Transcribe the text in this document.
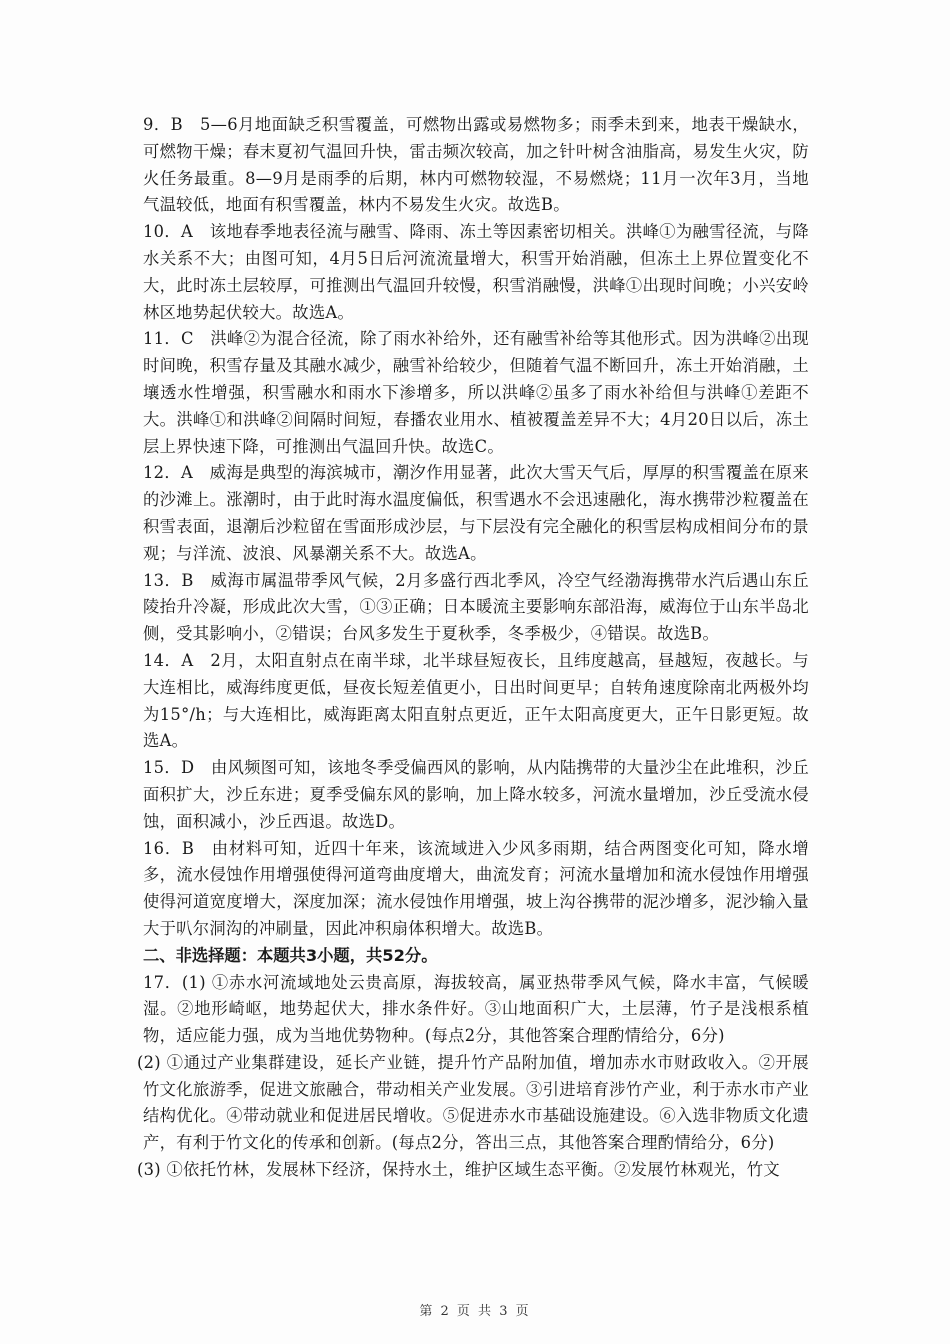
9．B　5—6月地面缺乏积雪覆盖，可燃物出露或易燃物多；雨季未到来，地表干燥缺水，可燃物干燥；春末夏初气温回升快，雷击频次较高，加之针叶树含油脂高，易发生火灾，防火任务最重。8—9月是雨季的后期，林内可燃物较湿，不易燃烧；11月一次年3月，当地气温较低，地面有积雪覆盖，林内不易发生火灾。故选B。

10．A　该地春季地表径流与融雪、降雨、冻土等因素密切相关。洪峰①为融雪径流，与降水关系不大；由图可知，4月5日后河流流量增大，积雪开始消融，但冻土上界位置变化不大，此时冻土层较厚，可推测出气温回升较慢，积雪消融慢，洪峰①出现时间晚；小兴安岭林区地势起伏较大。故选A。

11．C　洪峰②为混合径流，除了雨水补给外，还有融雪补给等其他形式。因为洪峰②出现时间晚，积雪存量及其融水减少，融雪补给较少，但随着气温不断回升，冻土开始消融，土壤透水性增强，积雪融水和雨水下渗增多，所以洪峰②虽多了雨水补给但与洪峰①差距不大。洪峰①和洪峰②间隔时间短，春播农业用水、植被覆盖差异不大；4月20日以后，冻土层上界快速下降，可推测出气温回升快。故选C。

12．A　威海是典型的海滨城市，潮汐作用显著，此次大雪天气后，厚厚的积雪覆盖在原来的沙滩上。涨潮时，由于此时海水温度偏低，积雪遇水不会迅速融化，海水携带沙粒覆盖在积雪表面，退潮后沙粒留在雪面形成沙层，与下层没有完全融化的积雪层构成相间分布的景观；与洋流、波浪、风暴潮关系不大。故选A。

13．B　威海市属温带季风气候，2月多盛行西北季风，冷空气经渤海携带水汽后遇山东丘陵抬升冷凝，形成此次大雪，①③正确；日本暖流主要影响东部沿海，威海位于山东半岛北侧，受其影响小，②错误；台风多发生于夏秋季，冬季极少，④错误。故选B。

14．A　2月，太阳直射点在南半球，北半球昼短夜长，且纬度越高，昼越短，夜越长。与大连相比，威海纬度更低，昼夜长短差值更小，日出时间更早；自转角速度除南北两极外均为15°/h；与大连相比，威海距离太阳直射点更近，正午太阳高度更大，正午日影更短。故选A。

15．D　由风频图可知，该地冬季受偏西风的影响，从内陆携带的大量沙尘在此堆积，沙丘面积扩大，沙丘东进；夏季受偏东风的影响，加上降水较多，河流水量增加，沙丘受流水侵蚀，面积减小，沙丘西退。故选D。

16．B　由材料可知，近四十年来，该流域进入少风多雨期，结合两图变化可知，降水增多，流水侵蚀作用增强使得河道弯曲度增大，曲流发育；河流水量增加和流水侵蚀作用增强使得河道宽度增大，深度加深；流水侵蚀作用增强，坡上沟谷携带的泥沙增多，泥沙输入量大于叭尔洞沟的冲刷量，因此冲积扇体积增大。故选B。

二、非选择题：本题共3小题，共52分。

17．(1) ①赤水河流域地处云贵高原，海拔较高，属亚热带季风气候，降水丰富，气候暖湿。②地形崎岖，地势起伏大，排水条件好。③山地面积广大，土层薄，竹子是浅根系植物，适应能力强，成为当地优势物种。(每点2分，其他答案合理酌情给分，6分)

(2) ①通过产业集群建设，延长产业链，提升竹产品附加值，增加赤水市财政收入。②开展竹文化旅游季，促进文旅融合，带动相关产业发展。③引进培育涉竹产业，利于赤水市产业结构优化。④带动就业和促进居民增收。⑤促进赤水市基础设施建设。⑥入选非物质文化遗产，有利于竹文化的传承和创新。(每点2分，答出三点，其他答案合理酌情给分，6分)

(3) ①依托竹林，发展林下经济，保持水土，维护区域生态平衡。②发展竹林观光，竹文

第 2 页 共 3 页
